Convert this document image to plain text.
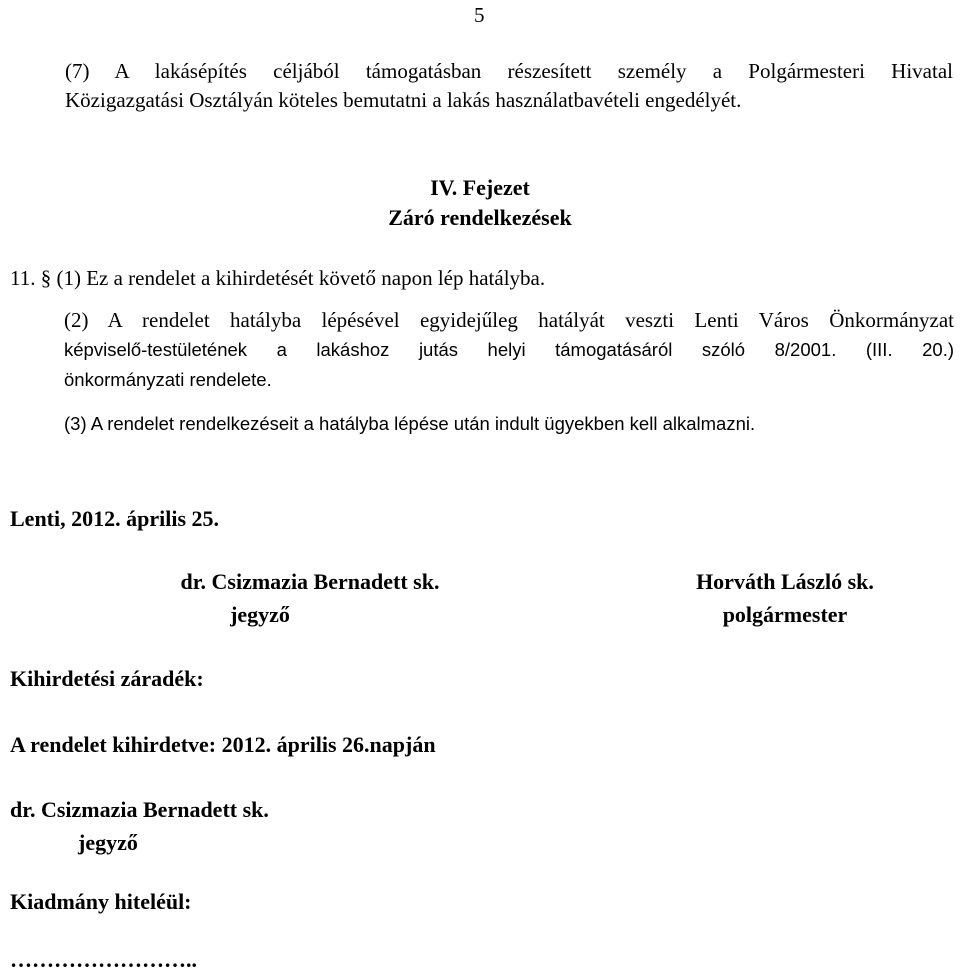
5
(7) A lakásépítés céljából támogatásban részesített személy a Polgármesteri Hivatal
Közigazgatási Osztályán köteles bemutatni a lakás használatbavételi engedélyét.
IV. Fejezet
Záró rendelkezések
11. § (1) Ez a rendelet a kihirdetését követő napon lép hatályba.
(2) A rendelet hatályba lépésével egyidejűleg hatályát veszti Lenti Város Önkormányzat
képviselő-testületének a lakáshoz jutás helyi támogatásáról szóló 8/2001. (III. 20.)
önkormányzati rendelete.
(3) A rendelet rendelkezéseit a hatályba lépése után indult ügyekben kell alkalmazni.
Lenti, 2012. április 25.
dr. Csizmazia Bernadett sk.
jegyző
Horváth László sk.
polgármester
Kihirdetési záradék:
A rendelet kihirdetve: 2012. április 26.napján
dr. Csizmazia Bernadett sk.
jegyző
Kiadmány hiteléül:
……………………..
